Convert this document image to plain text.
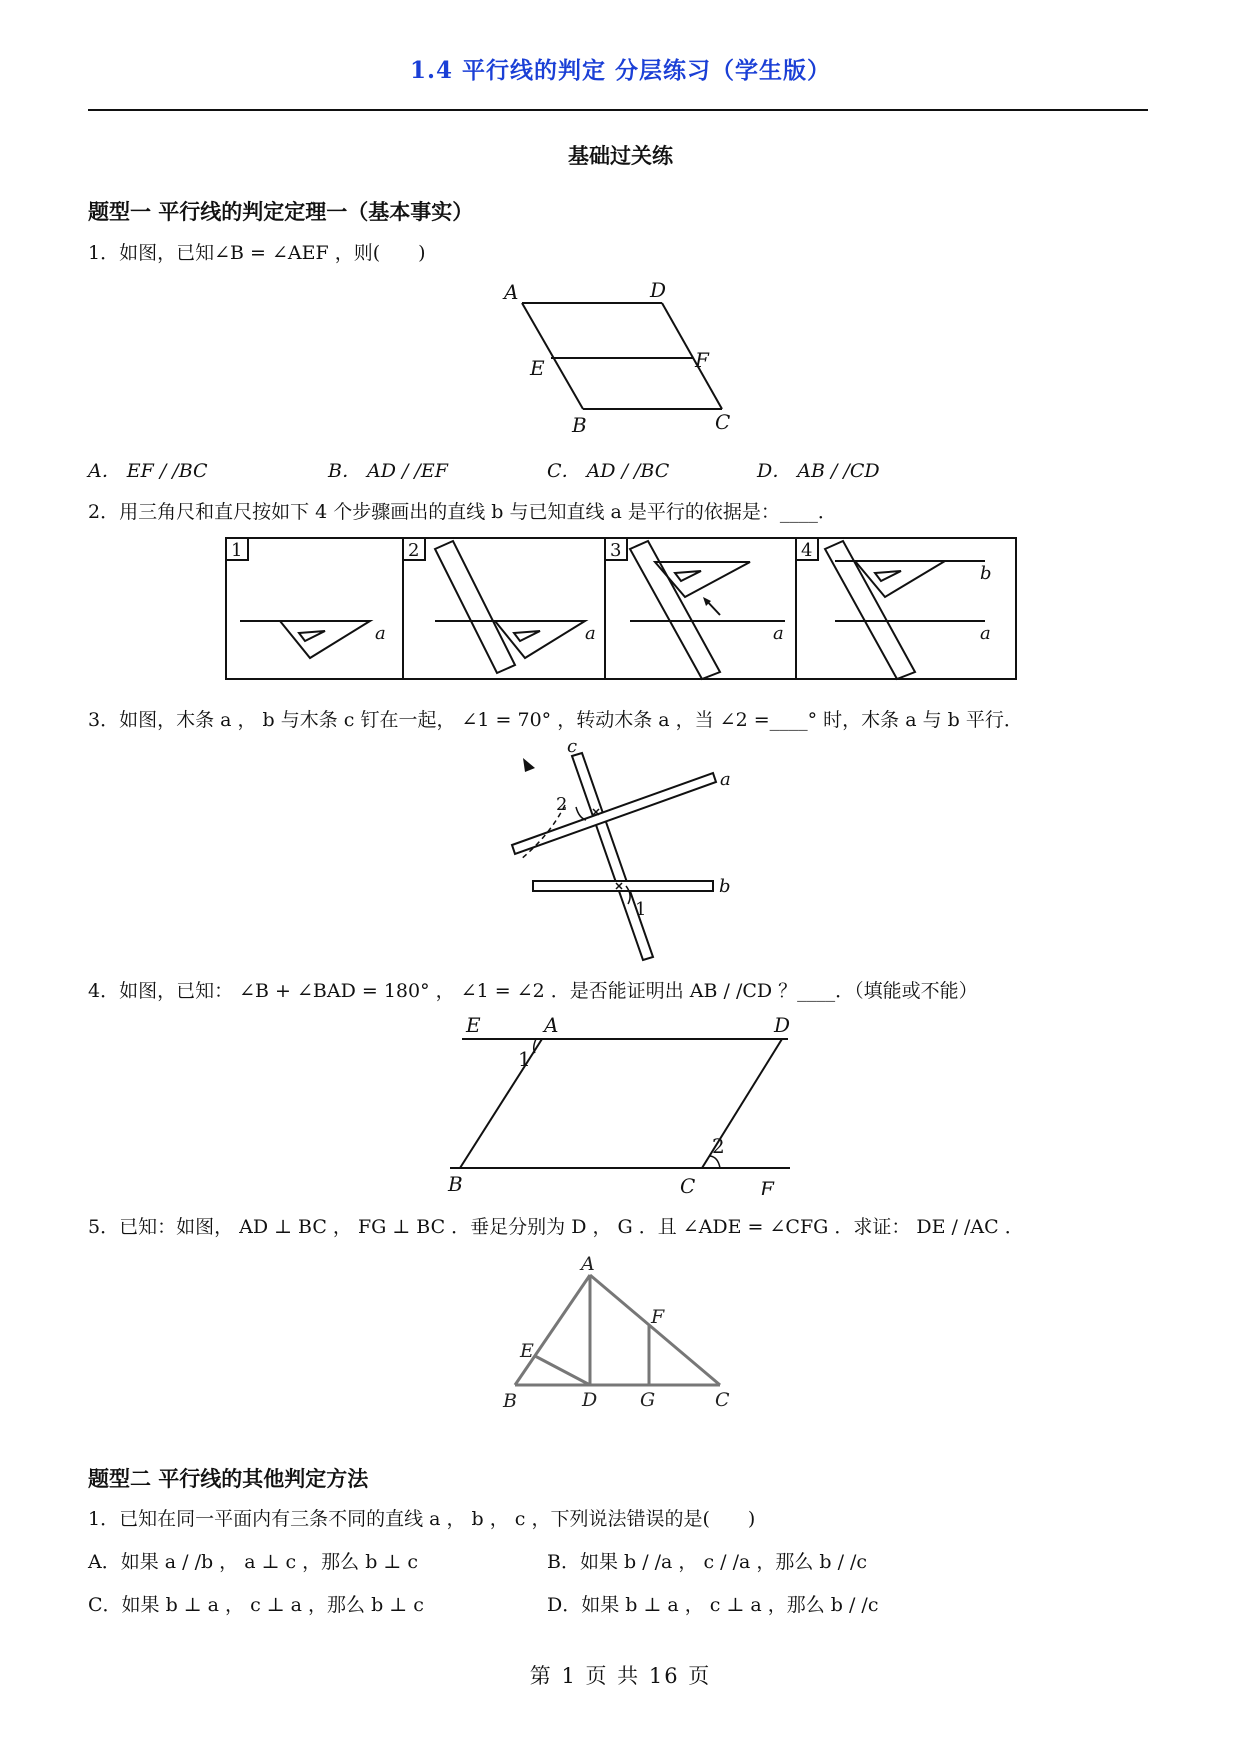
1.4 平行线的判定 分层练习（学生版）
基础过关练
题型一 平行线的判定定理一（基本事实）
1．如图，已知∠B = ∠AEF ，则(　　)
A	D
E	F
B	C
A． EF / /BC	B． AD / /EF	C． AD / /BC	D． AB / /CD
2．用三角尺和直尺按如下 4 个步骤画出的直线 b 与已知直线 a 是平行的依据是：____．
1	2	3	4
a	a	a
b
a
3．如图，木条 a ， b 与木条 c 钉在一起， ∠1 = 70° ，转动木条 a ，当 ∠2 =____° 时，木条 a 与 b 平行．
c
a
b
2
1
4．如图，已知： ∠B + ∠BAD = 180° ， ∠1 = ∠2 ．是否能证明出 AB / /CD ？____．（填能或不能）
E	A	D
1
2
B	C	F
5．已知：如图， AD ⊥ BC ， FG ⊥ BC ．垂足分别为 D ， G ．且 ∠ADE = ∠CFG ．求证： DE / /AC ．
A
E
F
B	D G	C
题型二 平行线的其他判定方法
1．已知在同一平面内有三条不同的直线 a ， b ， c ，下列说法错误的是(　　)
A．如果 a / /b ， a ⊥ c ，那么 b ⊥ c	B．如果 b / /a ， c / /a ，那么 b / /c
C．如果 b ⊥ a ， c ⊥ a ，那么 b ⊥ c	D．如果 b ⊥ a ， c ⊥ a ，那么 b / /c
第 1 页 共 16 页
